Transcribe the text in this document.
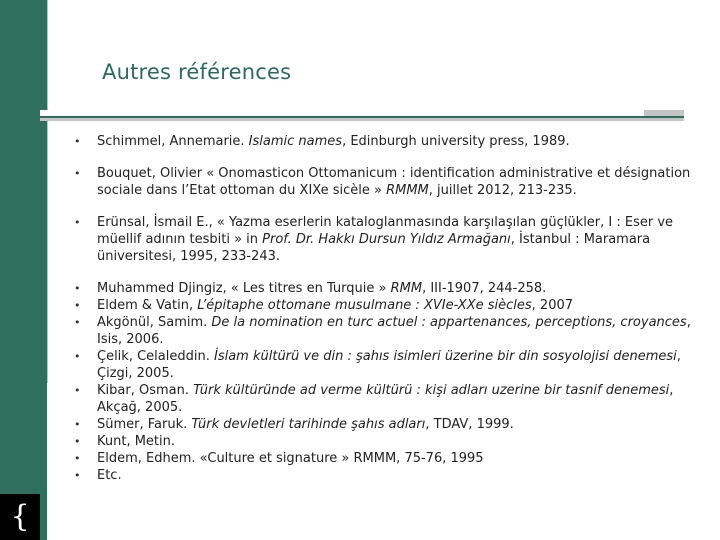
{
Autres références
• Schimmel, Annemarie. Islamic names, Edinburgh university press, 1989.
• Bouquet, Olivier « Onomasticon Ottomanicum : identification administrative et désignation sociale dans l’Etat ottoman du XIXe sicèle » RMMM, juillet 2012, 213-235.
• Erünsal, İsmail E., « Yazma eserlerin kataloglanmasında karşılaşılan güçlükler, I : Eser ve müellif adının tesbiti » in Prof. Dr. Hakkı Dursun Yıldız Armağanı, İstanbul : Maramara üniversitesi, 1995, 233-243.
• Muhammed Djingiz, « Les titres en Turquie » RMM, III-1907, 244-258.
• Eldem & Vatin, L’épitaphe ottomane musulmane : XVIe-XXe siècles, 2007
• Akgönül, Samim. De la nomination en turc actuel : appartenances, perceptions, croyances, Isis, 2006.
• Çelik, Celaleddin. İslam kültürü ve din : şahıs isimleri üzerine bir din sosyolojisi denemesi, Çizgi, 2005.
• Kibar, Osman. Türk kültüründe ad verme kültürü : kişi adları uzerine bir tasnif denemesi, Akçağ, 2005.
• Sümer, Faruk. Türk devletleri tarihinde şahıs adları, TDAV, 1999.
• Kunt, Metin.
• Eldem, Edhem. «Culture et signature » RMMM, 75-76, 1995
• Etc.
